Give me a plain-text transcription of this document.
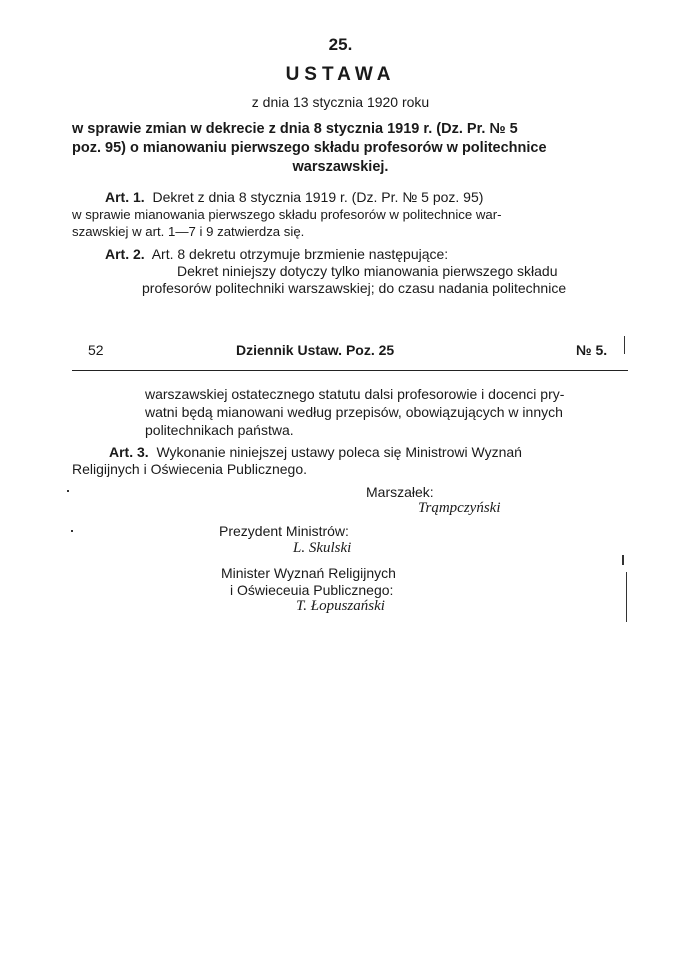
25.
USTAWA
z dnia 13 stycznia 1920 roku
w sprawie zmian w dekrecie z dnia 8 stycznia 1919 r. (Dz. Pr. № 5
poz. 95) o mianowaniu pierwszego składu profesorów w politechnice
warszawskiej.
Art. 1. Dekret z dnia 8 stycznia 1919 r. (Dz. Pr. № 5 poz. 95)
w sprawie mianowania pierwszego składu profesorów w politechnice war-
szawskiej w art. 1—7 i 9 zatwierdza się.
Art. 2. Art. 8 dekretu otrzymuje brzmienie następujące:
Dekret niniejszy dotyczy tylko mianowania pierwszego składu
profesorów politechniki warszawskiej; do czasu nadania politechnice
52	Dziennik Ustaw. Poz. 25	№ 5.
warszawskiej ostatecznego statutu dalsi profesorowie i docenci pry-
watni będą mianowani według przepisów, obowiązujących w innych
politechnikach państwa.
Art. 3. Wykonanie niniejszej ustawy poleca się Ministrowi Wyznań
Religijnych i Oświecenia Publicznego.
Marszałek:
Trąmpczyński
Prezydent Ministrów:
L. Skulski
Minister Wyznań Religijnych
i Oświeceuia Publicznego:
T. Łopuszański
